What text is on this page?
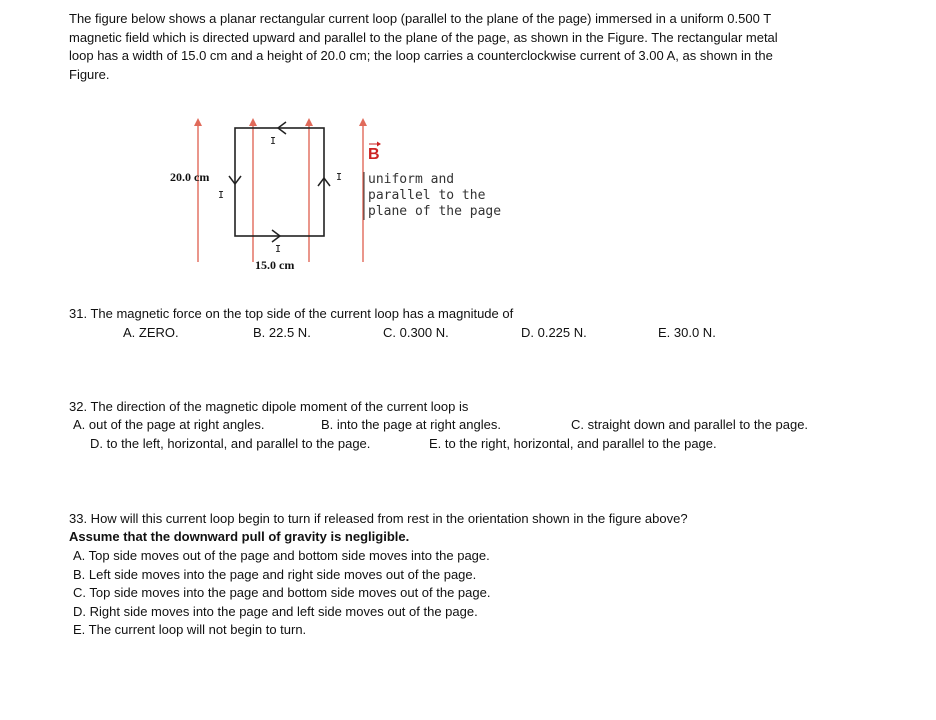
The figure below shows a planar rectangular current loop (parallel to the plane of the page) immersed in a uniform 0.500 T
magnetic field which is directed upward and parallel to the plane of the page, as shown in the Figure. The rectangular metal
loop has a width of 15.0 cm and a height of 20.0 cm; the loop carries a counterclockwise current of 3.00 A, as shown in the
Figure.
I
I
I
I
20.0 cm
15.0 cm
B
uniform and
parallel to the
plane of the page
31. The magnetic force on the top side of the current loop has a magnitude of
A. ZERO.	B. 22.5 N.	C. 0.300 N.	D. 0.225 N.	E. 30.0 N.
32. The direction of the magnetic dipole moment of the current loop is
A. out of the page at right angles.	B. into the page at right angles.	C. straight down and parallel to the page.
D. to the left, horizontal, and parallel to the page.	E. to the right, horizontal, and parallel to the page.
33. How will this current loop begin to turn if released from rest in the orientation shown in the figure above?
Assume that the downward pull of gravity is negligible.
A. Top side moves out of the page and bottom side moves into the page.
B. Left side moves into the page and right side moves out of the page.
C. Top side moves into the page and bottom side moves out of the page.
D. Right side moves into the page and left side moves out of the page.
E. The current loop will not begin to turn.
